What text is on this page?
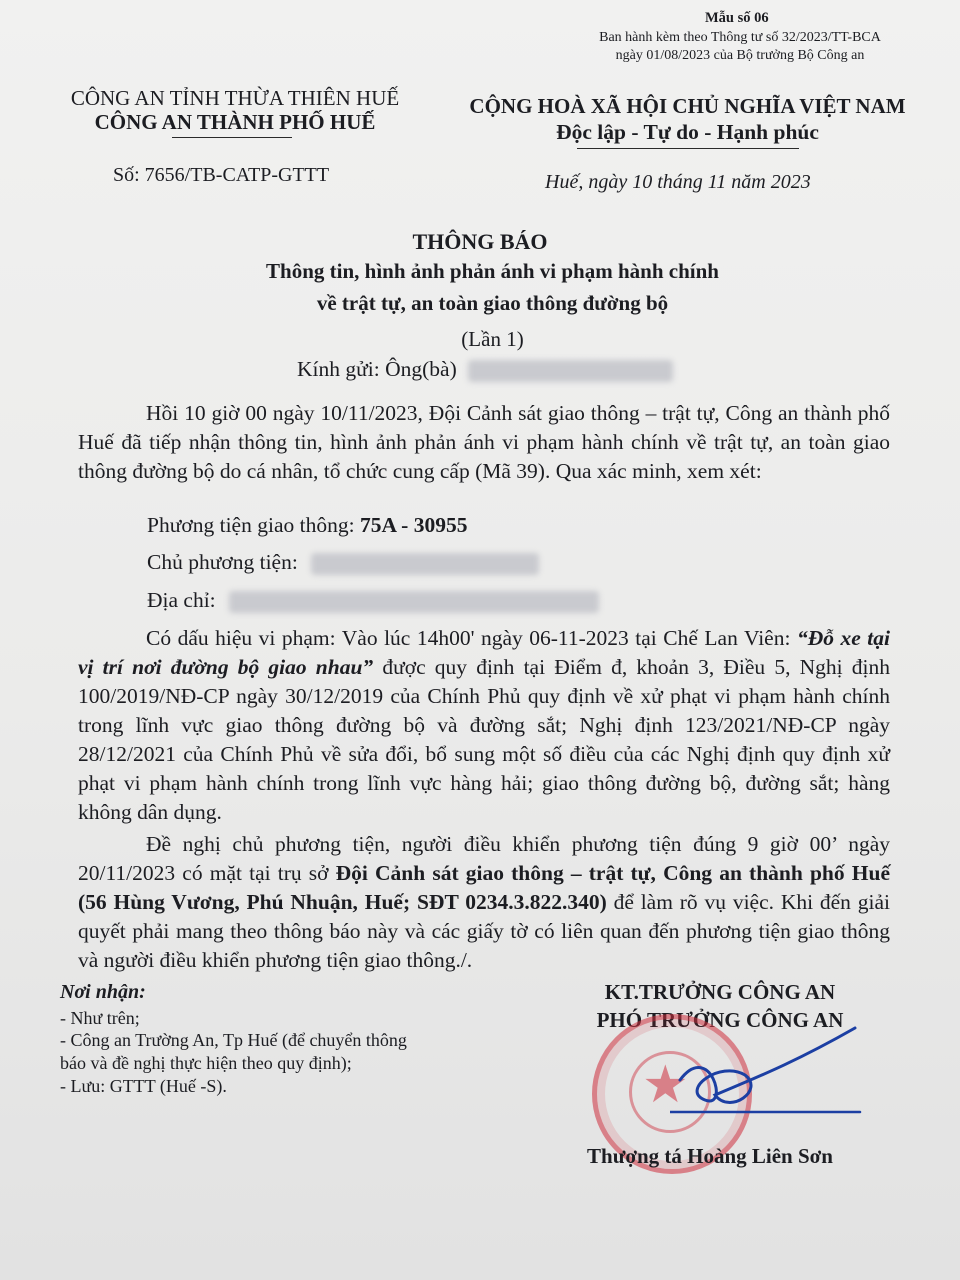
Mẫu số 06
Ban hành kèm theo Thông tư số 32/2023/TT-BCA
ngày 01/08/2023 của Bộ trưởng Bộ Công an
CÔNG AN TỈNH THỪA THIÊN HUẾ
CÔNG AN THÀNH PHỐ HUẾ
Số: 7656/TB-CATP-GTTT
CỘNG HOÀ XÃ HỘI CHỦ NGHĨA VIỆT NAM
Độc lập - Tự do - Hạnh phúc
Huế, ngày 10 tháng 11 năm 2023
THÔNG BÁO
Thông tin, hình ảnh phản ánh vi phạm hành chính
về trật tự, an toàn giao thông đường bộ
(Lần 1)
Kính gửi: Ông(bà)
Hồi 10 giờ 00 ngày 10/11/2023, Đội Cảnh sát giao thông – trật tự, Công an thành phố Huế đã tiếp nhận thông tin, hình ảnh phản ánh vi phạm hành chính về trật tự, an toàn giao thông đường bộ do cá nhân, tổ chức cung cấp (Mã 39). Qua xác minh, xem xét:
Phương tiện giao thông: 75A - 30955
Chủ phương tiện:
Địa chỉ:
Có dấu hiệu vi phạm: Vào lúc 14h00' ngày 06-11-2023 tại Chế Lan Viên: “Đỗ xe tại vị trí nơi đường bộ giao nhau” được quy định tại Điểm đ, khoản 3, Điều 5, Nghị định 100/2019/NĐ-CP ngày 30/12/2019 của Chính Phủ quy định về xử phạt vi phạm hành chính trong lĩnh vực giao thông đường bộ và đường sắt; Nghị định 123/2021/NĐ-CP ngày 28/12/2021 của Chính Phủ về sửa đổi, bổ sung một số điều của các Nghị định quy định xử phạt vi phạm hành chính trong lĩnh vực hàng hải; giao thông đường bộ, đường sắt; hàng không dân dụng.
Đề nghị chủ phương tiện, người điều khiển phương tiện đúng 9 giờ 00’ ngày 20/11/2023 có mặt tại trụ sở Đội Cảnh sát giao thông – trật tự, Công an thành phố Huế (56 Hùng Vương, Phú Nhuận, Huế; SĐT 0234.3.822.340) để làm rõ vụ việc. Khi đến giải quyết phải mang theo thông báo này và các giấy tờ có liên quan đến phương tiện giao thông và người điều khiển phương tiện giao thông./.
Nơi nhận:
- Như trên;
- Công an Trường An, Tp Huế (để chuyển thông
báo và đề nghị thực hiện theo quy định);
- Lưu: GTTT (Huế -S).
KT.TRƯỞNG CÔNG AN
PHÓ TRƯỞNG CÔNG AN
★
Thượng tá Hoàng Liên Sơn
